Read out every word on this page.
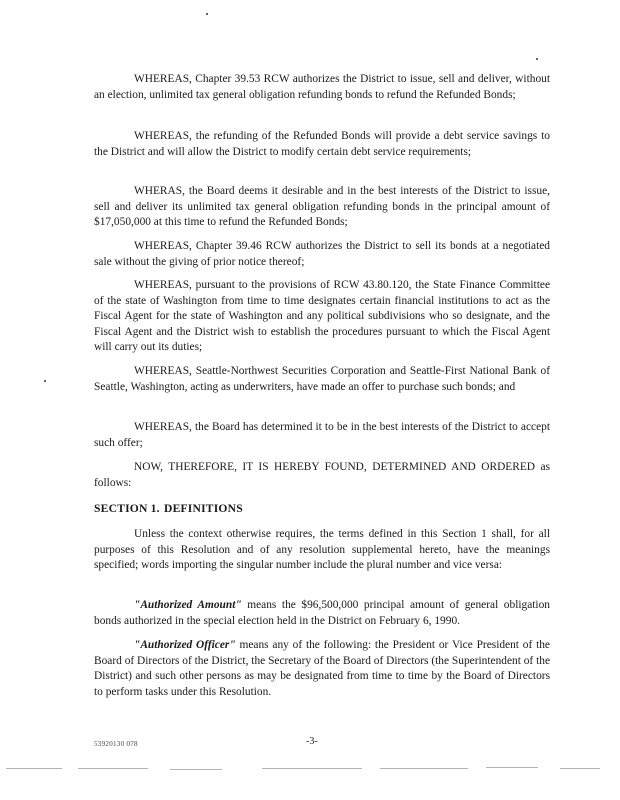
WHEREAS, Chapter 39.53 RCW authorizes the District to issue, sell and deliver, without an election, unlimited tax general obligation refunding bonds to refund the Refunded Bonds;

WHEREAS, the refunding of the Refunded Bonds will provide a debt service savings to the District and will allow the District to modify certain debt service requirements;

WHERAS, the Board deems it desirable and in the best interests of the District to issue, sell and deliver its unlimited tax general obligation refunding bonds in the principal amount of $17,050,000 at this time to refund the Refunded Bonds;

WHEREAS, Chapter 39.46 RCW authorizes the District to sell its bonds at a negotiated sale without the giving of prior notice thereof;

WHEREAS, pursuant to the provisions of RCW 43.80.120, the State Finance Committee of the state of Washington from time to time designates certain financial institutions to act as the Fiscal Agent for the state of Washington and any political subdivisions who so designate, and the Fiscal Agent and the District wish to establish the procedures pursuant to which the Fiscal Agent will carry out its duties;

WHEREAS, Seattle-Northwest Securities Corporation and Seattle-First National Bank of Seattle, Washington, acting as underwriters, have made an offer to purchase such bonds; and

WHEREAS, the Board has determined it to be in the best interests of the District to accept such offer;

NOW, THEREFORE, IT IS HEREBY FOUND, DETERMINED AND ORDERED as follows:

SECTION 1. DEFINITIONS

Unless the context otherwise requires, the terms defined in this Section 1 shall, for all purposes of this Resolution and of any resolution supplemental hereto, have the meanings specified; words importing the singular number include the plural number and vice versa:

"Authorized Amount" means the $96,500,000 principal amount of general obligation bonds authorized in the special election held in the District on February 6, 1990.

"Authorized Officer" means any of the following: the President or Vice President of the Board of Directors of the District, the Secretary of the Board of Directors (the Superintendent of the District) and such other persons as may be designated from time to time by the Board of Directors to perform tasks under this Resolution.

53920130 078	-3-
